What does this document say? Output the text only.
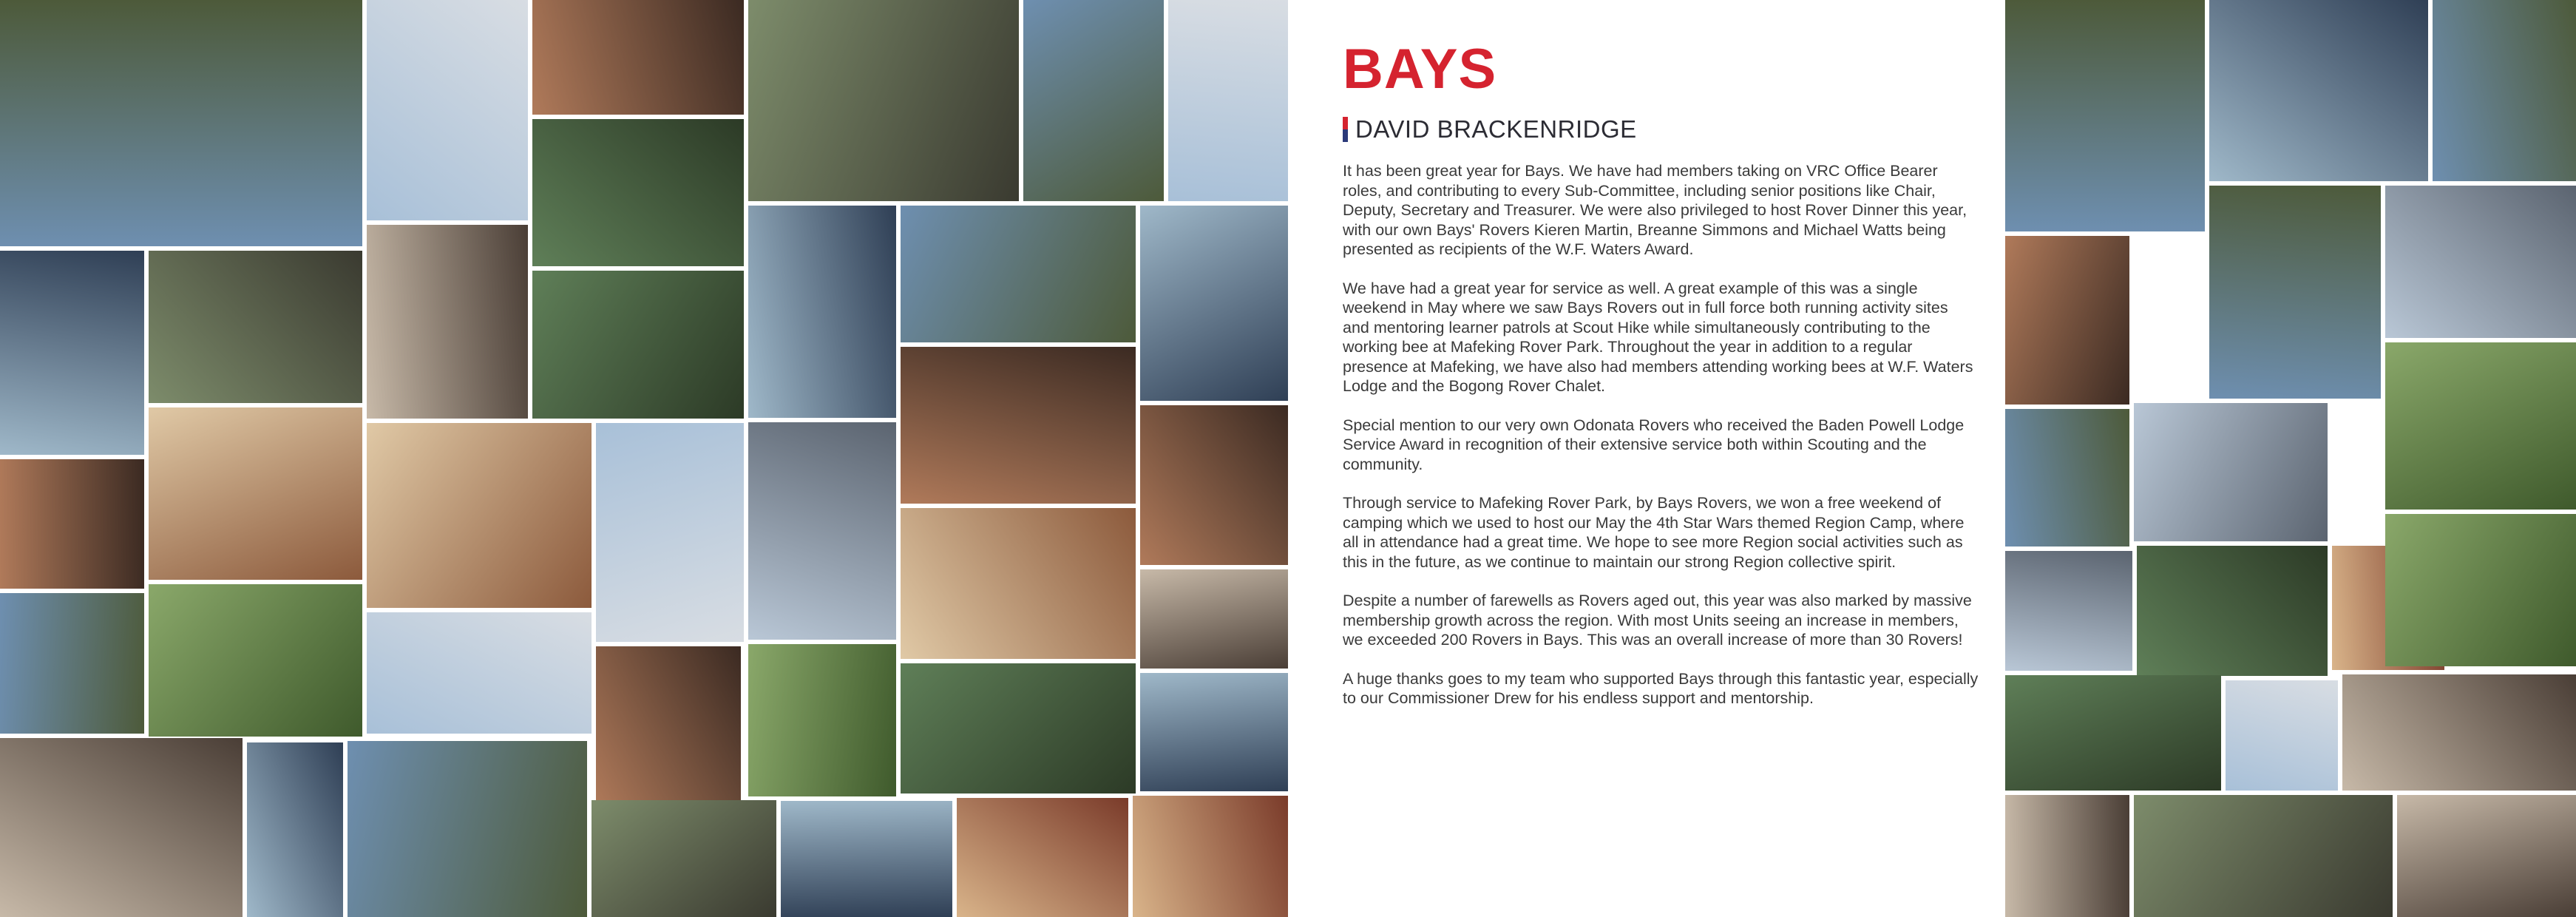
BAYS
DAVID BRACKENRIDGE

It has been great year for Bays. We have had members taking on VRC Office Bearer roles, and contributing to every Sub-Committee, including senior positions like Chair, Deputy, Secretary and Treasurer. We were also privileged to host Rover Dinner this year, with our own Bays' Rovers Kieren Martin, Breanne Simmons and Michael Watts being presented as recipients of the W.F. Waters Award.

We have had a great year for service as well. A great example of this was a single weekend in May where we saw Bays Rovers out in full force both running activity sites and mentoring learner patrols at Scout Hike while simultaneously contributing to the working bee at Mafeking Rover Park. Throughout the year in addition to a regular presence at Mafeking, we have also had members attending working bees at W.F. Waters Lodge and the Bogong Rover Chalet.

Special mention to our very own Odonata Rovers who received the Baden Powell Lodge Service Award in recognition of their extensive service both within Scouting and the community.

Through service to Mafeking Rover Park, by Bays Rovers, we won a free weekend of camping which we used to host our May the 4th Star Wars themed Region Camp, where all in attendance had a great time. We hope to see more Region social activities such as this in the future, as we continue to maintain our strong Region collective spirit.

Despite a number of farewells as Rovers aged out, this year was also marked by massive membership growth across the region. With most Units seeing an increase in members, we exceeded 200 Rovers in Bays. This was an overall increase of more than 30 Rovers!

A huge thanks goes to my team who supported Bays through this fantastic year, especially to our Commissioner Drew for his endless support and mentorship.
